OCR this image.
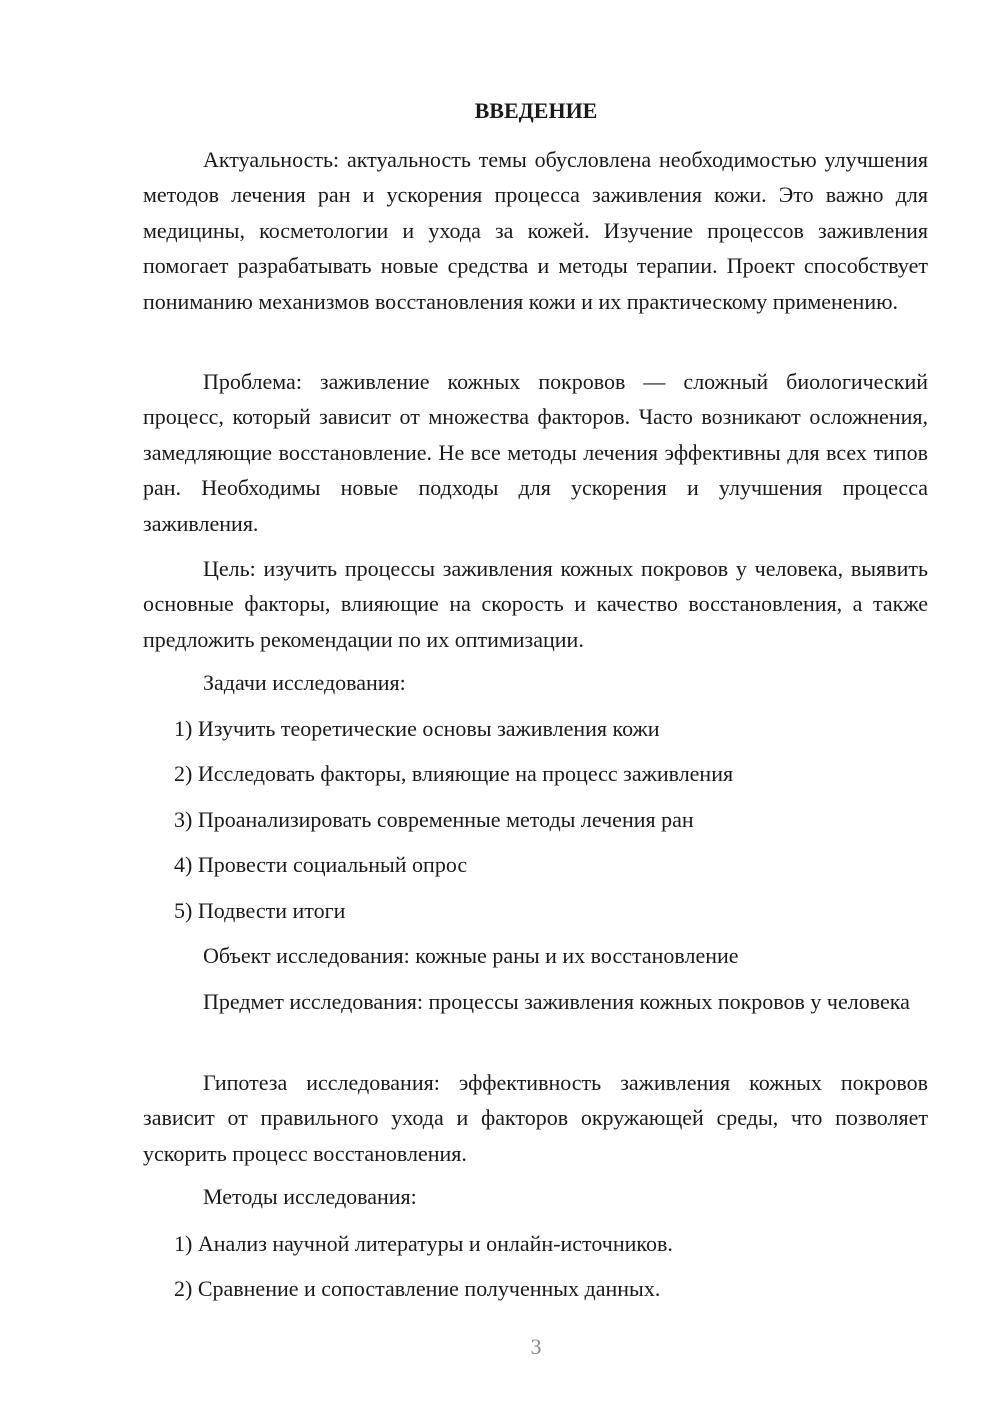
ВВЕДЕНИЕ

Актуальность: актуальность темы обусловлена необходимостью улучшения методов лечения ран и ускорения процесса заживления кожи. Это важно для медицины, косметологии и ухода за кожей. Изучение процессов заживления помогает разрабатывать новые средства и методы терапии. Проект способствует пониманию механизмов восстановления кожи и их практическому применению.

Проблема: заживление кожных покровов — сложный биологический процесс, который зависит от множества факторов. Часто возникают осложнения, замедляющие восстановление. Не все методы лечения эффективны для всех типов ран. Необходимы новые подходы для ускорения и улучшения процесса заживления.

Цель: изучить процессы заживления кожных покровов у человека, выявить основные факторы, влияющие на скорость и качество восстановления, а также предложить рекомендации по их оптимизации.

Задачи исследования:

1) Изучить теоретические основы заживления кожи

2) Исследовать факторы, влияющие на процесс заживления

3) Проанализировать современные методы лечения ран

4) Провести социальный опрос

5) Подвести итоги

Объект исследования: кожные раны и их восстановление

Предмет исследования: процессы заживления кожных покровов у человека

Гипотеза исследования: эффективность заживления кожных покровов зависит от правильного ухода и факторов окружающей среды, что позволяет ускорить процесс восстановления.

Методы исследования:

1) Анализ научной литературы и онлайн-источников.

2) Сравнение и сопоставление полученных данных.

3
